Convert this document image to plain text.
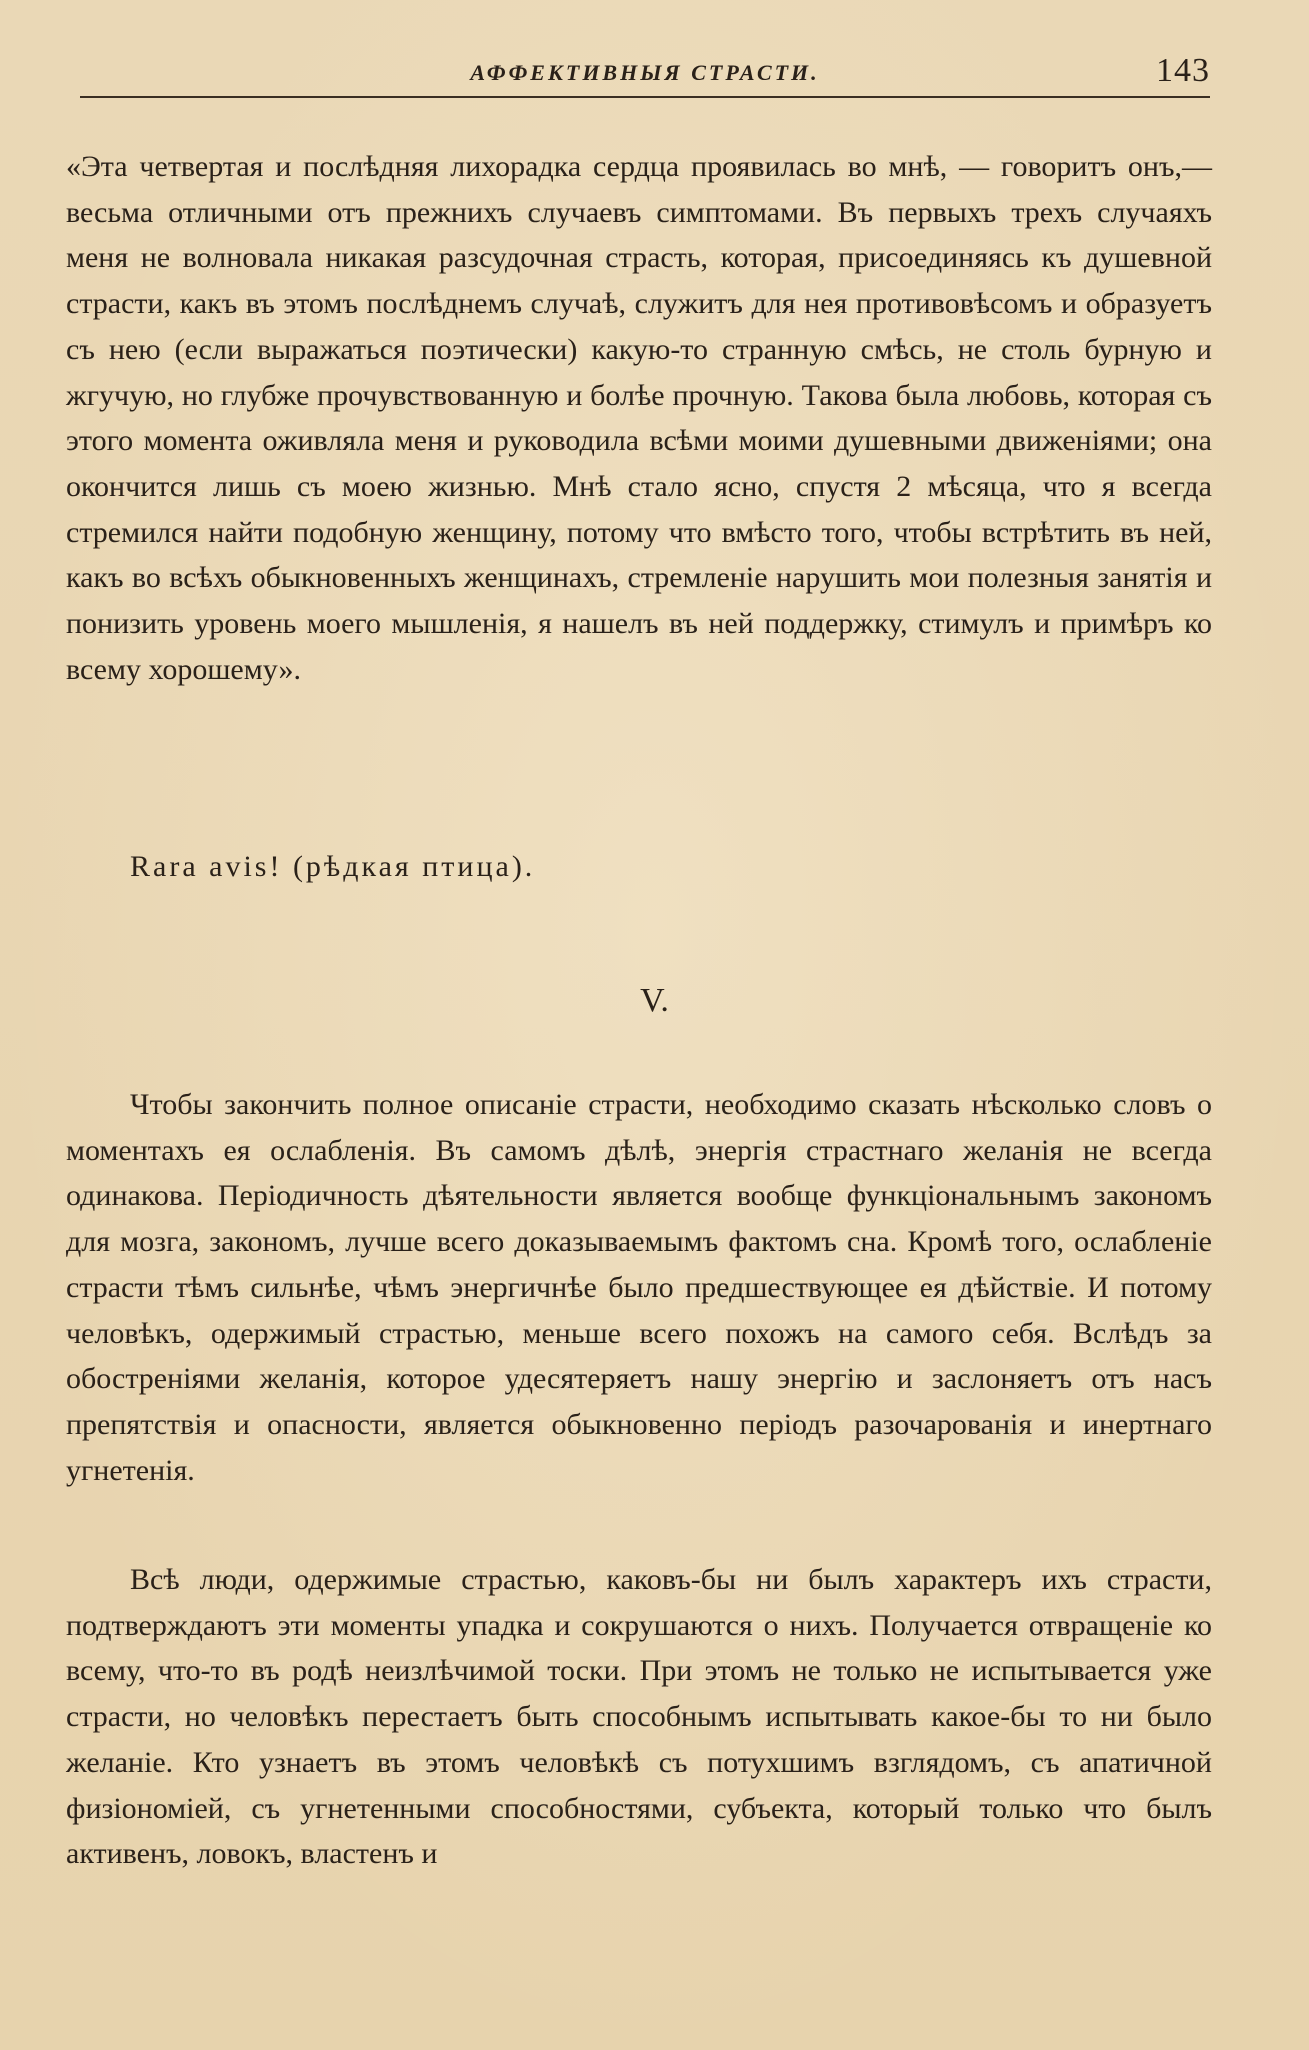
АФФЕКТИВНЫЯ СТРАСТИ.	143

«Эта четвертая и послѣдняя лихорадка сердца проявилась во мнѣ, — говоритъ онъ,—весьма отличными отъ прежнихъ случаевъ симптомами. Въ первыхъ трехъ случаяхъ меня не волновала никакая разсудочная страсть, которая, присоединяясь къ душевной страсти, какъ въ этомъ послѣднемъ случаѣ, служитъ для нея противовѣсомъ и образуетъ съ нею (если выражаться поэтически) какую-то странную смѣсь, не столь бурную и жгучую, но глубже прочувствованную и болѣе прочную. Такова была любовь, которая съ этого момента оживляла меня и руководила всѣми моими душевными движеніями; она окончится лишь съ моею жизнью. Мнѣ стало ясно, спустя 2 мѣсяца, что я всегда стремился найти подобную женщину, потому что вмѣсто того, чтобы встрѣтить въ ней, какъ во всѣхъ обыкновенныхъ женщинахъ, стремленіе нарушить мои полезныя занятія и понизить уровень моего мышленія, я нашелъ въ ней поддержку, стимулъ и примѣръ ко всему хорошему».

Rara avis! (рѣдкая птица).
V.

Чтобы закончить полное описаніе страсти, необходимо сказать нѣсколько словъ о моментахъ ея ослабленія. Въ самомъ дѣлѣ, энергія страстнаго желанія не всегда одинакова. Періодичность дѣятельности является вообще функціональнымъ закономъ для мозга, закономъ, лучше всего доказываемымъ фактомъ сна. Кромѣ того, ослабленіе страсти тѣмъ сильнѣе, чѣмъ энергичнѣе было предшествующее ея дѣйствіе. И потому человѣкъ, одержимый страстью, меньше всего похожъ на самого себя. Вслѣдъ за обостреніями желанія, которое удесятеряетъ нашу энергію и заслоняетъ отъ насъ препятствія и опасности, является обыкновенно періодъ разочарованія и инертнаго угнетенія.

Всѣ люди, одержимые страстью, каковъ-бы ни былъ характеръ ихъ страсти, подтверждаютъ эти моменты упадка и сокрушаются о нихъ. Получается отвращеніе ко всему, что-то въ родѣ неизлѣчимой тоски. При этомъ не только не испытывается уже страсти, но человѣкъ перестаетъ быть способнымъ испытывать какое-бы то ни было желаніе. Кто узнаетъ въ этомъ человѣкѣ съ потухшимъ взглядомъ, съ апатичной физіономіей, съ угнетенными способностями, субъекта, который только что былъ активенъ, ловокъ, властенъ и
